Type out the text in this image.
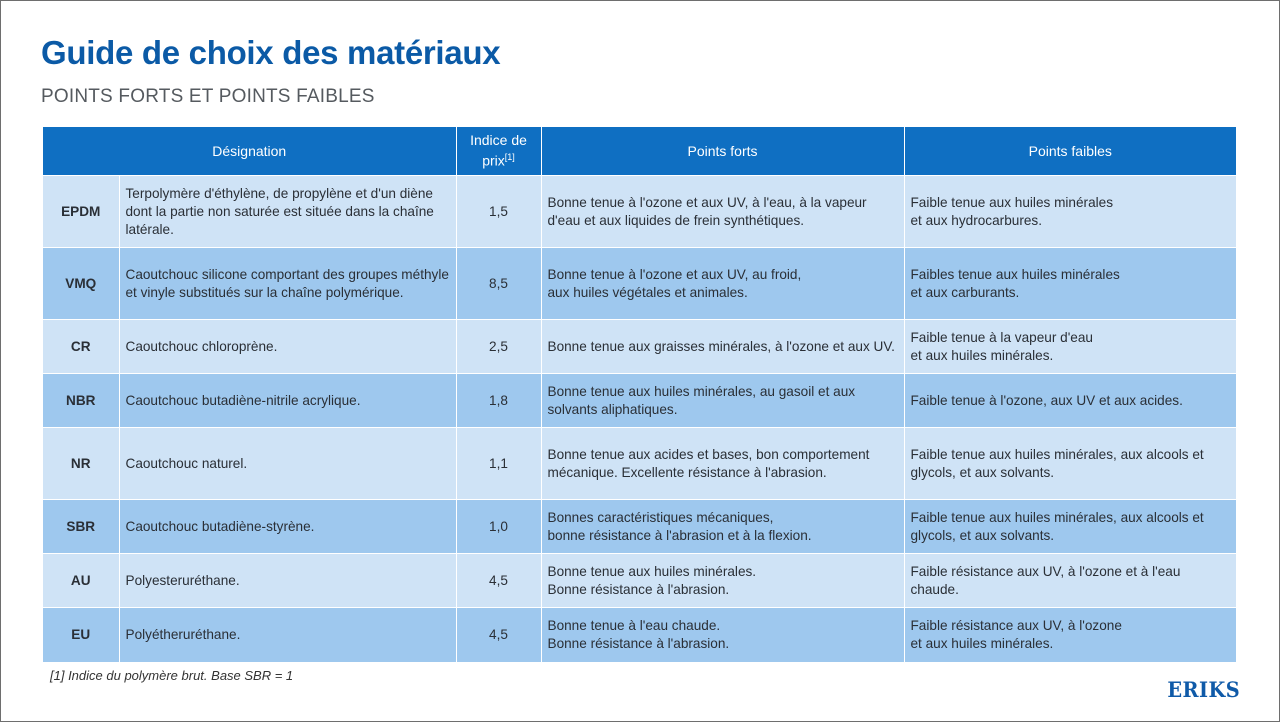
Guide de choix des matériaux

POINTS FORTS ET POINTS FAIBLES

Désignation		Indice de prix[1]	Points forts	Points faibles
EPDM	Terpolymère d'éthylène, de propylène et d'un diène dont la partie non saturée est située dans la chaîne latérale.	1,5	Bonne tenue à l'ozone et aux UV, à l'eau, à la vapeur d'eau et aux liquides de frein synthétiques.	Faible tenue aux huiles minérales
et aux hydrocarbures.
VMQ	Caoutchouc silicone comportant des groupes méthyle et vinyle substitués sur la chaîne polymérique.	8,5	Bonne tenue à l'ozone et aux UV, au froid,
aux huiles végétales et animales.	Faibles tenue aux huiles minérales
et aux carburants.
CR	Caoutchouc chloroprène.	2,5	Bonne tenue aux graisses minérales, à l'ozone et aux UV.	Faible tenue à la vapeur d'eau
et aux huiles minérales.
NBR	Caoutchouc butadiène-nitrile acrylique.	1,8	Bonne tenue aux huiles minérales, au gasoil et aux solvants aliphatiques.	Faible tenue à l'ozone, aux UV et aux acides.
NR	Caoutchouc naturel.	1,1	Bonne tenue aux acides et bases, bon comportement mécanique. Excellente résistance à l'abrasion.	Faible tenue aux huiles minérales, aux alcools et glycols, et aux solvants.
SBR	Caoutchouc butadiène-styrène.	1,0	Bonnes caractéristiques mécaniques,
bonne résistance à l'abrasion et à la flexion.	Faible tenue aux huiles minérales, aux alcools et glycols, et aux solvants.
AU	Polyesteruréthane.	4,5	Bonne tenue aux huiles minérales.
Bonne résistance à l'abrasion.	Faible résistance aux UV, à l'ozone et à l'eau chaude.
EU	Polyétheruréthane.	4,5	Bonne tenue à l'eau chaude.
Bonne résistance à l'abrasion.	Faible résistance aux UV, à l'ozone
et aux huiles minérales.

[1] Indice du polymère brut. Base SBR = 1

ERIKS
